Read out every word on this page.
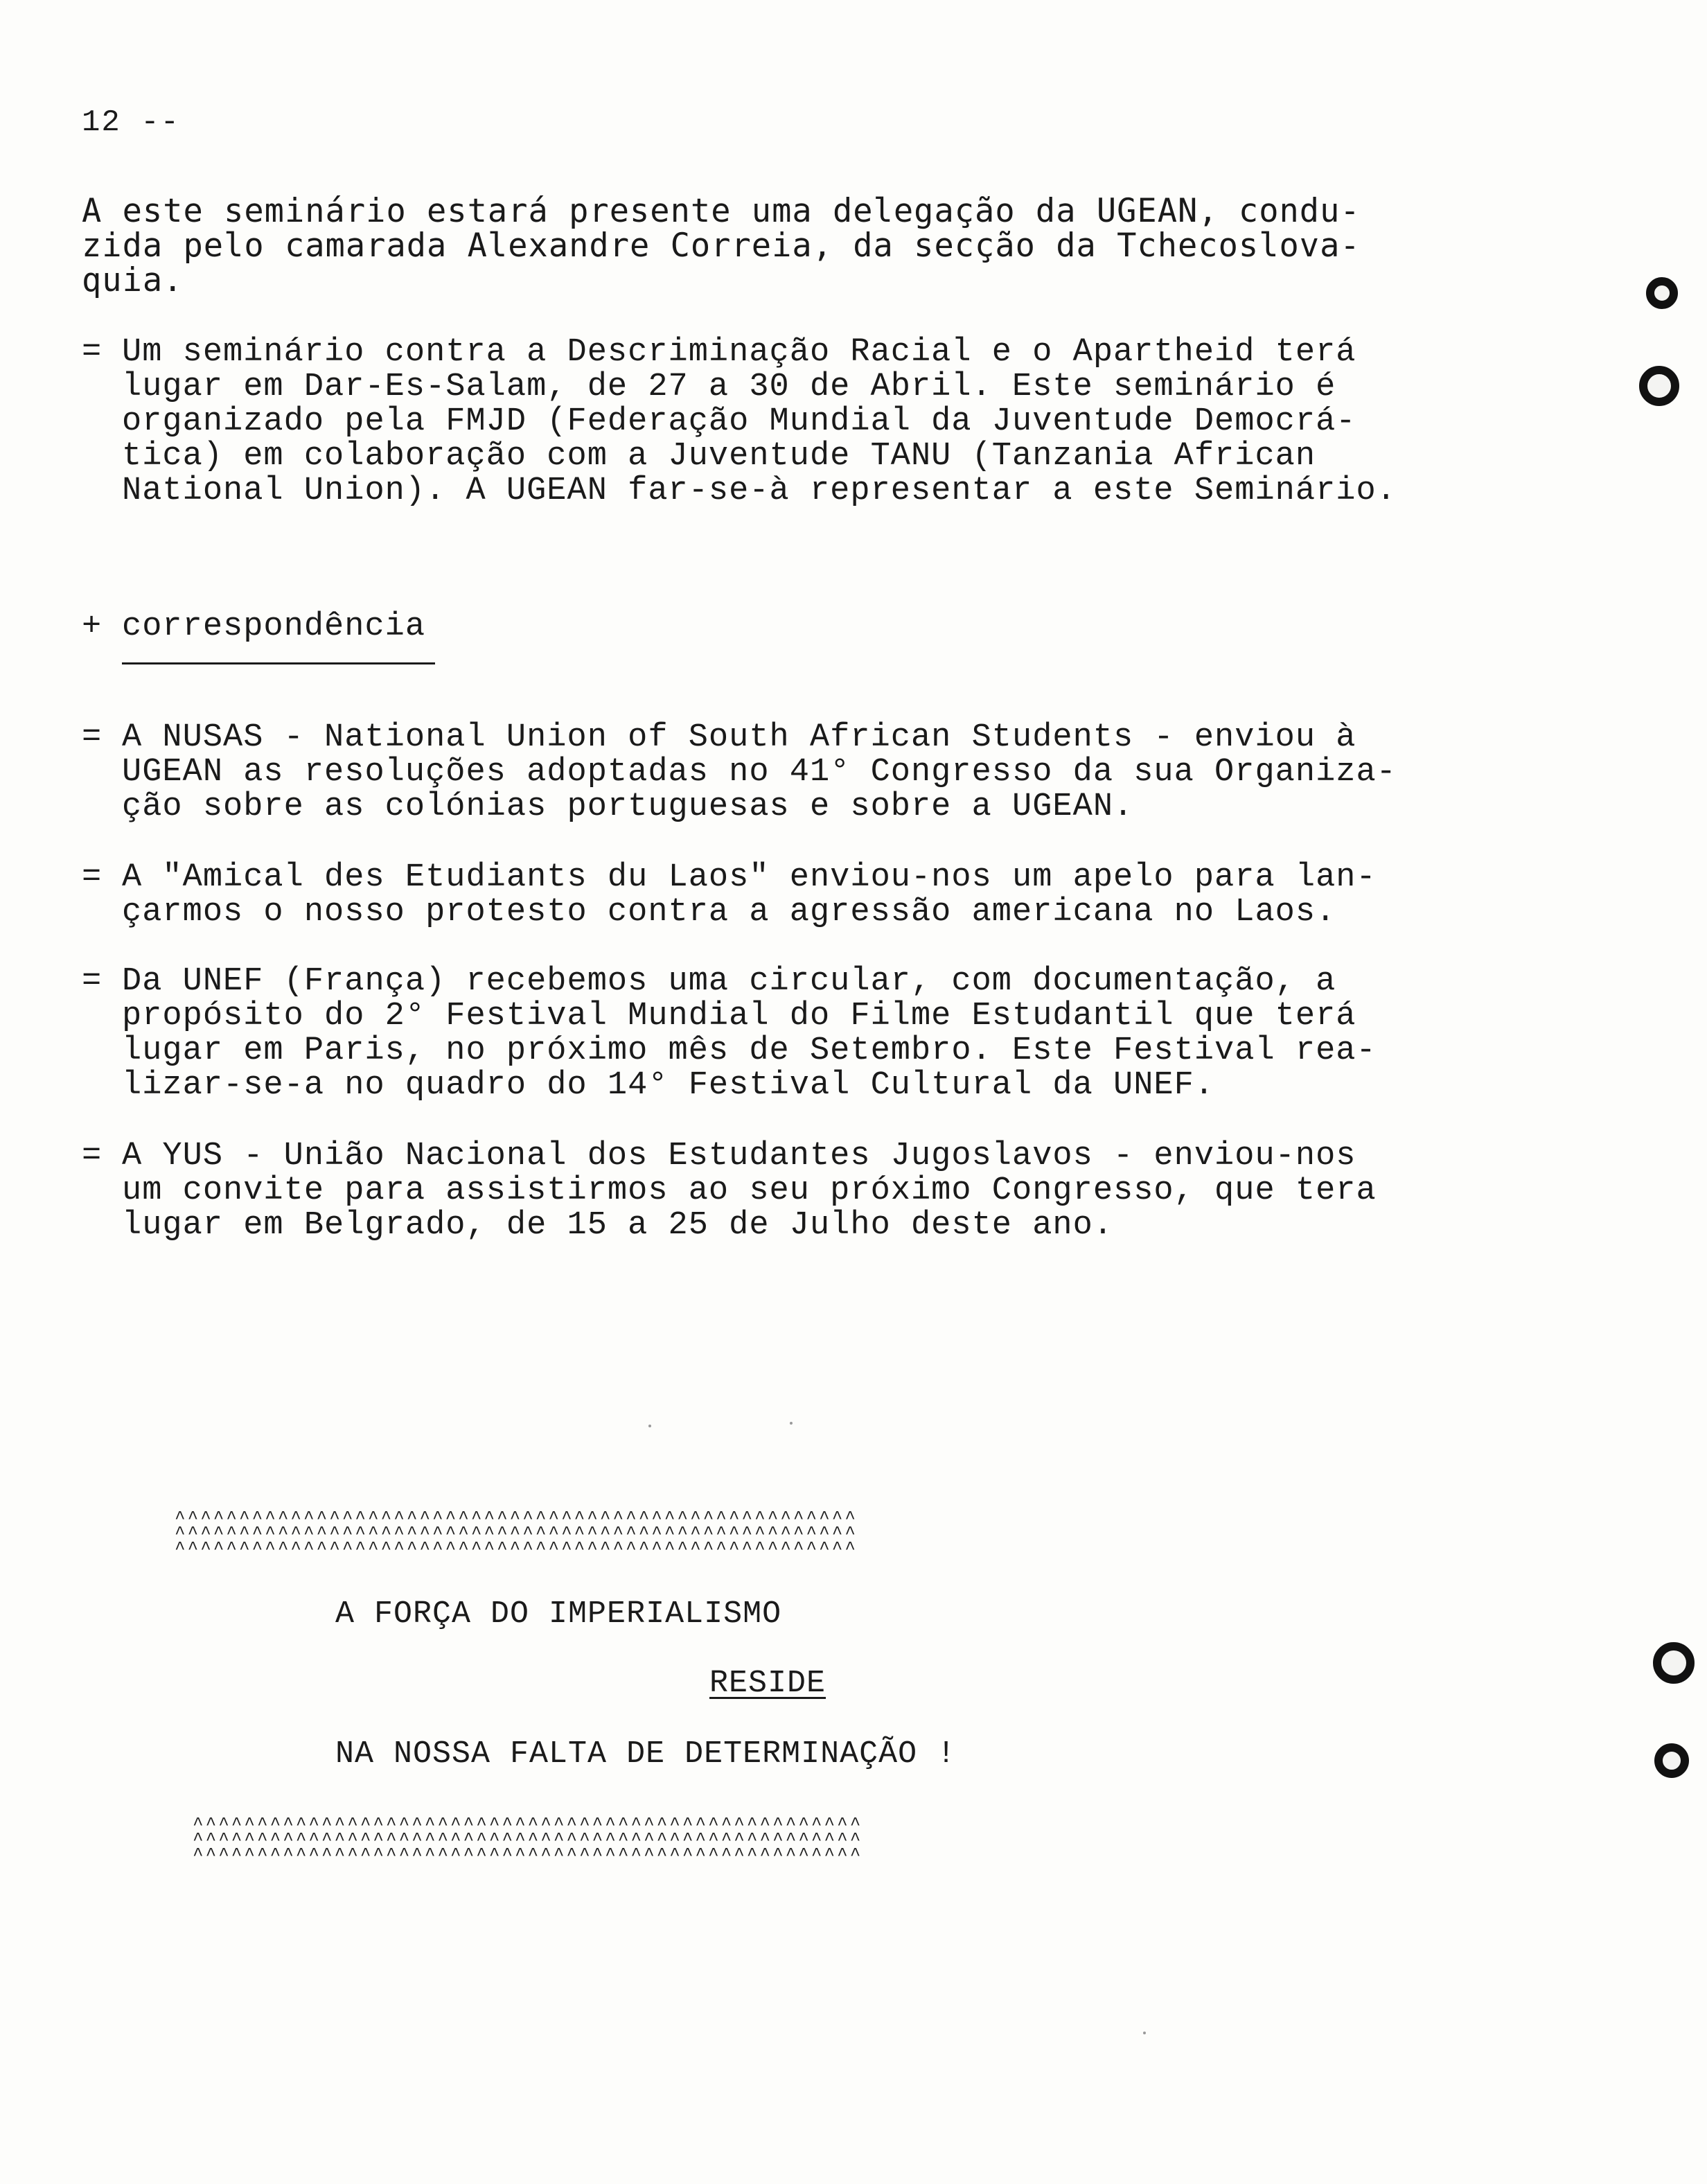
12 --
A este seminário estará presente uma delegação da UGEAN, condu-
zida pelo camarada Alexandre Correia, da secção da Tchecoslova-
quia.
= Um seminário contra a Descriminação Racial e o Apartheid terá
lugar em Dar-Es-Salam, de 27 a 30 de Abril. Este seminário é
organizado pela FMJD (Federação Mundial da Juventude Democrá-
tica) em colaboração com a Juventude TANU (Tanzania African
National Union). A UGEAN far-se-à representar a este Seminário.
+ correspondência
= A NUSAS - National Union of South African Students - enviou à
UGEAN as resoluções adoptadas no 41° Congresso da sua Organiza-
ção sobre as colónias portuguesas e sobre a UGEAN.
= A "Amical des Etudiants du Laos" enviou-nos um apelo para lan-
çarmos o nosso protesto contra a agressão americana no Laos.
= Da UNEF (França) recebemos uma circular, com documentação, a
propósito do 2° Festival Mundial do Filme Estudantil que terá
lugar em Paris, no próximo mês de Setembro. Este Festival rea-
lizar-se-a no quadro do 14° Festival Cultural da UNEF.
= A YUS - União Nacional dos Estudantes Jugoslavos - enviou-nos
um convite para assistirmos ao seu próximo Congresso, que tera
lugar em Belgrado, de 15 a 25 de Julho deste ano.
^^^^^^^^^^^^^^^^^^^^^^^^^^^^^^^^^^^^^^^^^^^^^^^^^^^^^
^^^^^^^^^^^^^^^^^^^^^^^^^^^^^^^^^^^^^^^^^^^^^^^^^^^^^
^^^^^^^^^^^^^^^^^^^^^^^^^^^^^^^^^^^^^^^^^^^^^^^^^^^^^
A FORÇA DO IMPERIALISMO
RESIDE
NA NOSSA FALTA DE DETERMINAÇÃO !
^^^^^^^^^^^^^^^^^^^^^^^^^^^^^^^^^^^^^^^^^^^^^^^^^^^^
^^^^^^^^^^^^^^^^^^^^^^^^^^^^^^^^^^^^^^^^^^^^^^^^^^^^
^^^^^^^^^^^^^^^^^^^^^^^^^^^^^^^^^^^^^^^^^^^^^^^^^^^^
